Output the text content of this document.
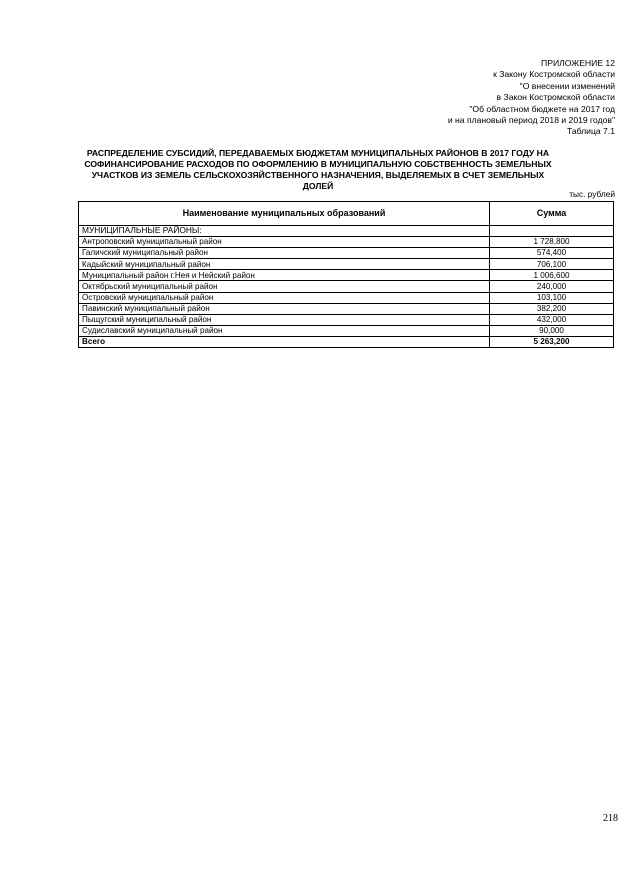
ПРИЛОЖЕНИЕ 12
к Закону Костромской области
"О внесении изменений
в Закон Костромской области
"Об областном бюджете на 2017 год
и на плановый период 2018 и 2019 годов"
Таблица 7.1
РАСПРЕДЕЛЕНИЕ СУБСИДИЙ, ПЕРЕДАВАЕМЫХ БЮДЖЕТАМ МУНИЦИПАЛЬНЫХ РАЙОНОВ В 2017 ГОДУ НА СОФИНАНСИРОВАНИЕ РАСХОДОВ ПО ОФОРМЛЕНИЮ В МУНИЦИПАЛЬНУЮ СОБСТВЕННОСТЬ ЗЕМЕЛЬНЫХ УЧАСТКОВ ИЗ ЗЕМЕЛЬ СЕЛЬСКОХОЗЯЙСТВЕННОГО НАЗНАЧЕНИЯ, ВЫДЕЛЯЕМЫХ В СЧЕТ ЗЕМЕЛЬНЫХ ДОЛЕЙ
тыс. рублей
Наименование муниципальных образований	Сумма
МУНИЦИПАЛЬНЫЕ РАЙОНЫ:	
Антроповский муниципальный район	1 728,800
Галичский муниципальный район	574,400
Кадыйский муниципальный район	706,100
Муниципальный район г.Нея и Нейский район	1 006,600
Октябрьский муниципальный район	240,000
Островский муниципальный район	103,100
Павинский муниципальный район	382,200
Пыщугский муниципальный район	432,000
Судиславский муниципальный район	90,000
Всего	5 263,200
218
